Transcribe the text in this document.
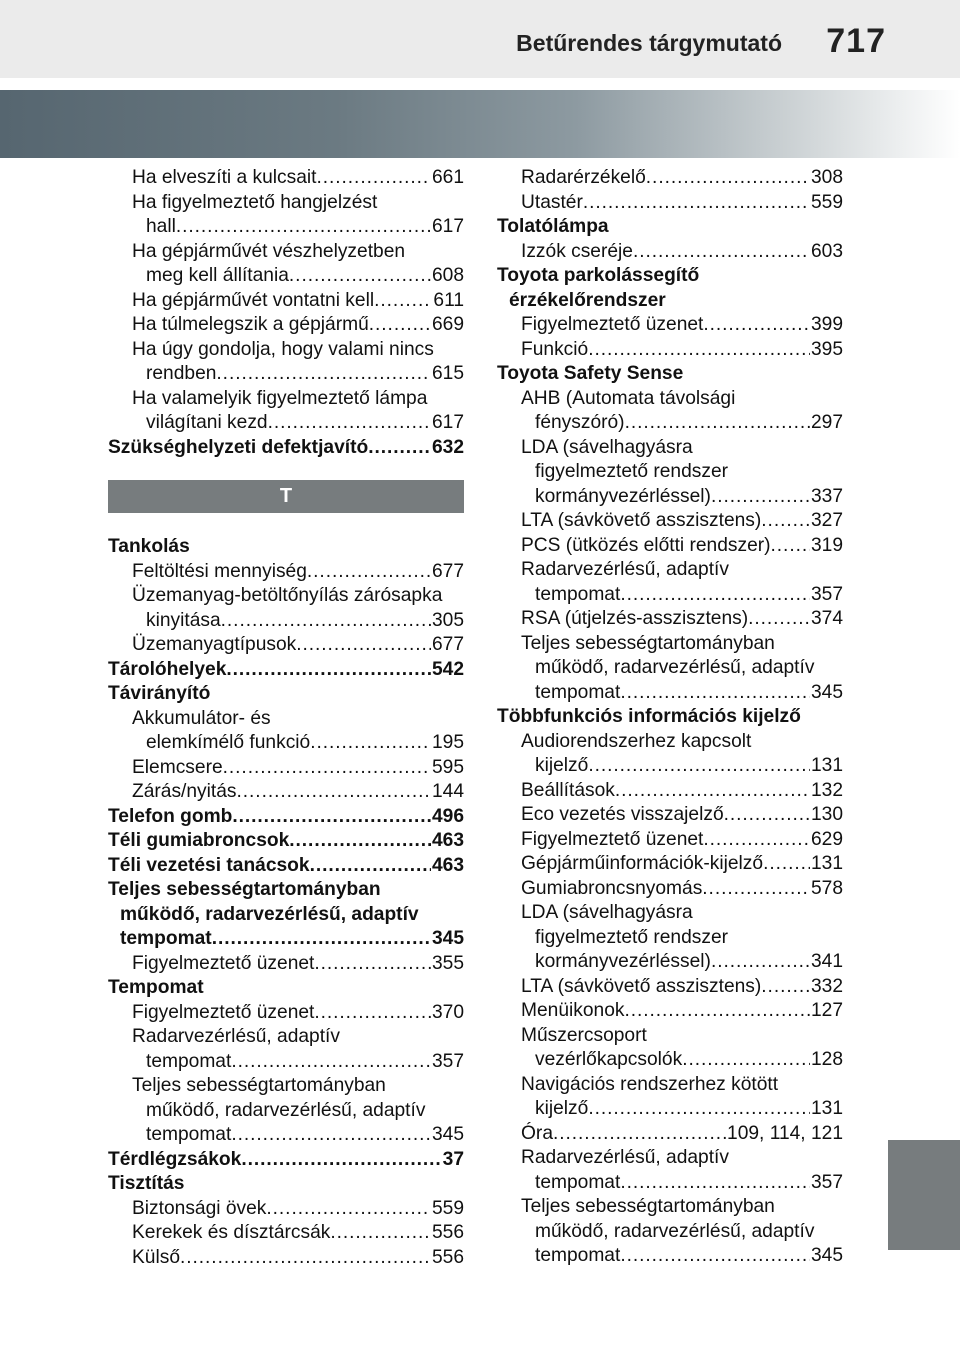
Betűrendes tárgymutató 717
Ha elveszíti a kulcsait . . .	661
Ha figyelmeztető hangjelzést
hall . . .	617
Ha gépjárművét vészhelyzetben
meg kell állítania . . .	608
Ha gépjárművét vontatni kell . . .	611
Ha túlmelegszik a gépjármű . . .	669
Ha úgy gondolja, hogy valami nincs
rendben . . .	615
Ha valamelyik figyelmeztető lámpa
világítani kezd . . .	617
Szükséghelyzeti defektjavító . . .	632
T
Tankolás
Feltöltési mennyiség . . .	677
Üzemanyag-betöltőnyílás zárósapka
kinyitása . . .	305
Üzemanyagtípusok . . .	677
Tárolóhelyek . . .	542
Távirányító
Akkumulátor- és
elemkímélő funkció . . .	195
Elemcsere . . .	595
Zárás/nyitás . . .	144
Telefon gomb . . .	496
Téli gumiabroncsok . . .	463
Téli vezetési tanácsok . . .	463
Teljes sebességtartományban
működő, radarvezérlésű, adaptív
tempomat . . .	345
Figyelmeztető üzenet . . .	355
Tempomat
Figyelmeztető üzenet . . .	370
Radarvezérlésű, adaptív
tempomat . . .	357
Teljes sebességtartományban
működő, radarvezérlésű, adaptív
tempomat . . .	345
Térdlégzsákok . . .	37
Tisztítás
Biztonsági övek . . .	559
Kerekek és dísztárcsák . . .	556
Külső . . .	556
Radarérzékelő . . .	308
Utastér . . .	559
Tolatólámpa
Izzók cseréje . . .	603
Toyota parkolássegítő
érzékelőrendszer
Figyelmeztető üzenet . . .	399
Funkció . . .	395
Toyota Safety Sense
AHB (Automata távolsági
fényszóró) . . .	297
LDA (sávelhagyásra
figyelmeztető rendszer
kormányvezérléssel) . . .	337
LTA (sávkövető asszisztens) . . .	327
PCS (ütközés előtti rendszer) . . . 319
Radarvezérlésű, adaptív
tempomat . . .	357
RSA (útjelzés-asszisztens) . . .	374
Teljes sebességtartományban
működő, radarvezérlésű, adaptív
tempomat . . .	345
Többfunkciós információs kijelző
Audiorendszerhez kapcsolt
kijelző . . .	131
Beállítások . . .	132
Eco vezetés visszajelző . . .	130
Figyelmeztető üzenet . . .	629
Gépjárműinformációk-kijelző . . . 131
Gumiabroncsnyomás . . .	578
LDA (sávelhagyásra
figyelmeztető rendszer
kormányvezérléssel) . . .	341
LTA (sávkövető asszisztens) . . .	332
Menüikonok . . .	127
Műszercsoport
vezérlőkapcsolók . . .	128
Navigációs rendszerhez kötött
kijelző . . .	131
Óra . . .	109, 114, 121
Radarvezérlésű, adaptív
tempomat . . .	357
Teljes sebességtartományban
működő, radarvezérlésű, adaptív
tempomat . . .	345
